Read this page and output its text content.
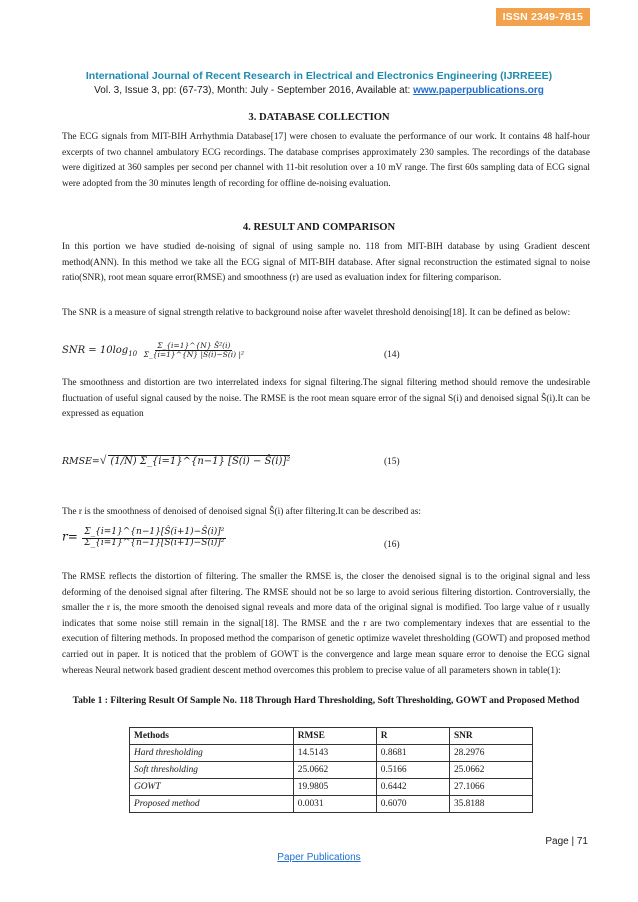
ISSN 2349-7815
International Journal of Recent Research in Electrical and Electronics Engineering (IJRREEE)
Vol. 3, Issue 3, pp: (67-73), Month: July - September 2016, Available at: www.paperpublications.org
3. DATABASE COLLECTION

The ECG signals from MIT-BIH Arrhythmia Database[17] were chosen to evaluate the performance of our work. It contains 48 half-hour excerpts of two channel ambulatory ECG recordings. The database comprises approximately 230 samples. The recordings of the database were digitized at 360 samples per second per channel with 11-bit resolution over a 10 mV range. The first 60s sampling data of ECG signal were adopted from the 30 minutes length of recording for offline de-noising evaluation.

4. RESULT AND COMPARISON

In this portion we have studied de-noising of signal of using sample no. 118 from MIT-BIH database by using Gradient descent method(ANN). In this method we take all the ECG signal of MIT-BIH database. After signal reconstruction the estimated signal to noise ratio(SNR), root mean square error(RMSE) and smoothness (r) are used as evaluation index for filtering comparison.

The SNR is a measure of signal strength relative to background noise after wavelet threshold denoising[18]. It can be defined as below:

SNR = $10\log_{10} \frac{\text{Σ\_\{i=1\}\textasciicircum{}\{N\} Ŝ²(i)}}{\text{Σ\_\{i=1\}\textasciicircum{}\{N\} |Ŝ(i)−Ŝ(i) |²}}$	(14)

The smoothness and distortion are two interrelated indexs for signal filtering.The signal filtering method should remove the undesirable fluctuation of useful signal caused by the noise. The RMSE is the root mean square error of the signal S(i) and denoised signal Ŝ(i).It can be expressed as equation

RMSE=√ (1/N) Σ_{i=1}^{n−1} [S(i) − Ŝ(i)]²	(15)

The r is the smoothness of denoised of denoised signal Ŝ(i) after filtering.It can be described as:

$r= \frac{\text{Σ\_\{i=1\}\textasciicircum{}\{n−1\}[Ŝ(i+1)−Ŝ(i)]²}}{\text{Σ\_\{i=1\}\textasciicircum{}\{n−1\}[S(i+1)−S(i)]²}}$	(16)

The RMSE reflects the distortion of filtering. The smaller the RMSE is, the closer the denoised signal is to the original signal and less deforming of the denoised signal after filtering. The RMSE should not be so large to avoid serious filtering distortion. Controversially, the smaller the r is, the more smooth the denoised signal reveals and more data of the original signal is modified. Too large value of r usually indicates that some noise still remain in the signal[18]. The RMSE and the r are two complementary indexes that are essential to the execution of filtering methods. In proposed method the comparison of genetic optimize wavelet thresholding (GOWT) and proposed method carried out in paper. It is noticed that the problem of GOWT is the convergence and large mean square error to denoise the ECG signal whereas Neural network based gradient descent method overcomes this problem to precise value of all parameters shown in table(1):

Table 1 : Filtering Result Of Sample No. 118 Through Hard Thresholding, Soft Thresholding, GOWT and Proposed Method
Methods	RMSE	R	SNR
Hard thresholding	14.5143	0.8681	28.2976
Soft thresholding	25.0662	0.5166	25.0662
GOWT	19.9805	0.6442	27.1066
Proposed method	0.0031	0.6070	35.8188
Page | 71
Paper Publications
